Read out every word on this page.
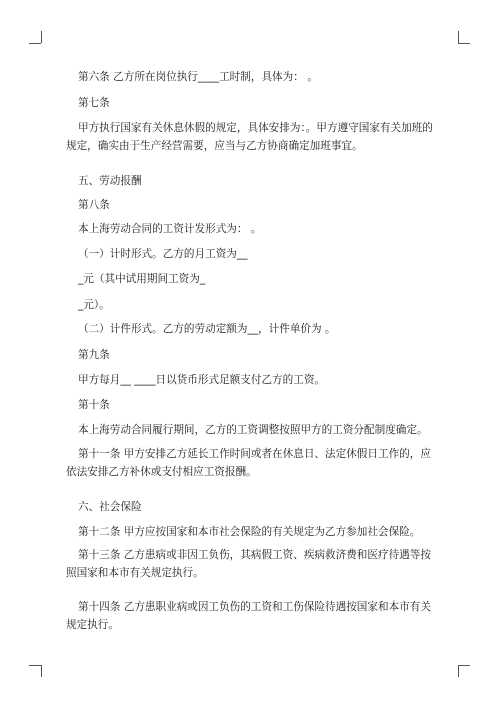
第六条 乙方所在岗位执行____工时制，具体为： 。
第七条
甲方执行国家有关休息休假的规定，具体安排为：。甲方遵守国家有关加班的规定，确实由于生产经营需要，应当与乙方协商确定加班事宜。
五、劳动报酬
第八条
本上海劳动合同的工资计发形式为： 。
（一）计时形式。乙方的月工资为__
_元（其中试用期间工资为_
_元）。
（二）计件形式。乙方的劳动定额为__，计件单价为 。
第九条
甲方每月__ ____日以货币形式足额支付乙方的工资。
第十条
本上海劳动合同履行期间，乙方的工资调整按照甲方的工资分配制度确定。
第十一条 甲方安排乙方延长工作时间或者在休息日、法定休假日工作的，应依法安排乙方补休或支付相应工资报酬。
六、社会保险
第十二条 甲方应按国家和本市社会保险的有关规定为乙方参加社会保险。
第十三条 乙方患病或非因工负伤，其病假工资、疾病救济费和医疗待遇等按照国家和本市有关规定执行。
第十四条 乙方患职业病或因工负伤的工资和工伤保险待遇按国家和本市有关规定执行。
